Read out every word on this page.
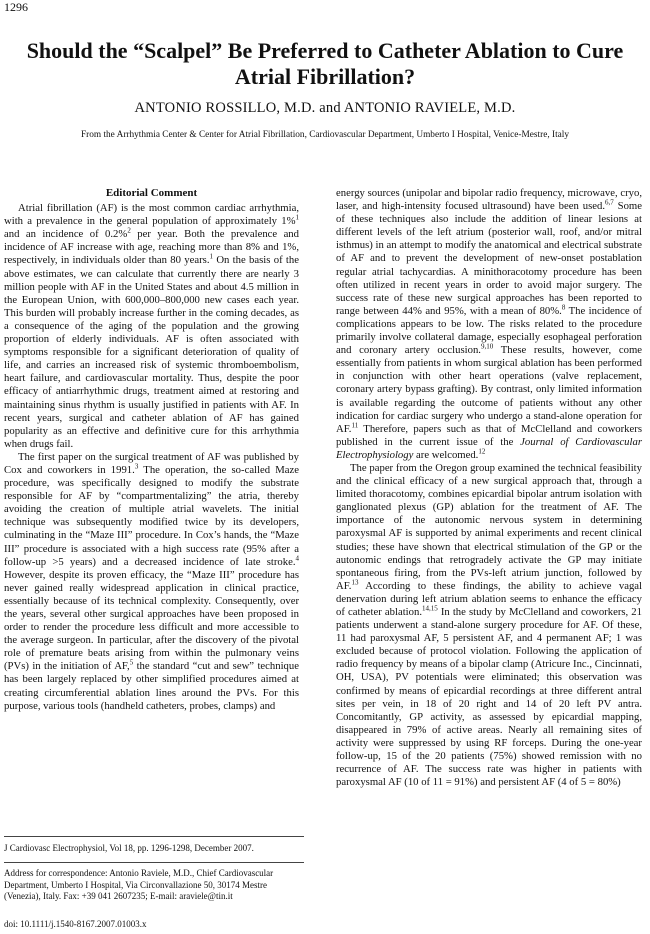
1296
Should the “Scalpel” Be Preferred to Catheter Ablation to Cure Atrial Fibrillation?
ANTONIO ROSSILLO, M.D. and ANTONIO RAVIELE, M.D.
From the Arrhythmia Center & Center for Atrial Fibrillation, Cardiovascular Department, Umberto I Hospital, Venice-Mestre, Italy
Editorial Comment

Atrial fibrillation (AF) is the most common cardiac arrhythmia, with a prevalence in the general population of approximately 1%$^1$ and an incidence of 0.2%$^2$ per year. Both the prevalence and incidence of AF increase with age, reaching more than 8% and 1%, respectively, in individuals older than 80 years.$^1$ On the basis of the above estimates, we can calculate that currently there are nearly 3 million people with AF in the United States and about 4.5 million in the European Union, with 600,000–800,000 new cases each year. This burden will probably increase further in the coming decades, as a consequence of the aging of the population and the growing proportion of elderly individuals. AF is often associated with symptoms responsible for a significant deterioration of quality of life, and carries an increased risk of systemic thromboembolism, heart failure, and cardiovascular mortality. Thus, despite the poor efficacy of antiarrhythmic drugs, treatment aimed at restoring and maintaining sinus rhythm is usually justified in patients with AF. In recent years, surgical and catheter ablation of AF has gained popularity as an effective and definitive cure for this arrhythmia when drugs fail.

The first paper on the surgical treatment of AF was published by Cox and coworkers in 1991.$^3$ The operation, the so-called Maze procedure, was specifically designed to modify the substrate responsible for AF by “compartmentalizing” the atria, thereby avoiding the creation of multiple atrial wavelets. The initial technique was subsequently modified twice by its developers, culminating in the “Maze III” procedure. In Cox’s hands, the “Maze III” procedure is associated with a high success rate (95% after a follow-up >5 years) and a decreased incidence of late stroke.$^4$ However, despite its proven efficacy, the “Maze III” procedure has never gained really widespread application in clinical practice, essentially because of its technical complexity. Consequently, over the years, several other surgical approaches have been proposed in order to render the procedure less difficult and more accessible to the average surgeon. In particular, after the discovery of the pivotal role of premature beats arising from within the pulmonary veins (PVs) in the initiation of AF,$^5$ the standard “cut and sew” technique has been largely replaced by other simplified procedures aimed at creating circumferential ablation lines around the PVs. For this purpose, various tools (handheld catheters, probes, clamps) and

energy sources (unipolar and bipolar radio frequency, microwave, cryo, laser, and high-intensity focused ultrasound) have been used.$^{6,7}$ Some of these techniques also include the addition of linear lesions at different levels of the left atrium (posterior wall, roof, and/or mitral isthmus) in an attempt to modify the anatomical and electrical substrate of AF and to prevent the development of new-onset postablation regular atrial tachycardias. A minithoracotomy procedure has been often utilized in recent years in order to avoid major surgery. The success rate of these new surgical approaches has been reported to range between 44% and 95%, with a mean of 80%.$^8$ The incidence of complications appears to be low. The risks related to the procedure primarily involve collateral damage, especially esophageal perforation and coronary artery occlusion.$^{9,10}$ These results, however, come essentially from patients in whom surgical ablation has been performed in conjunction with other heart operations (valve replacement, coronary artery bypass grafting). By contrast, only limited information is available regarding the outcome of patients without any other indication for cardiac surgery who undergo a stand-alone operation for AF.$^{11}$ Therefore, papers such as that of McClelland and coworkers published in the current issue of the Journal of Cardiovascular Electrophysiology are welcomed.$^{12}$

The paper from the Oregon group examined the technical feasibility and the clinical efficacy of a new surgical approach that, through a limited thoracotomy, combines epicardial bipolar antrum isolation with ganglionated plexus (GP) ablation for the treatment of AF. The importance of the autonomic nervous system in determining paroxysmal AF is supported by animal experiments and recent clinical studies; these have shown that electrical stimulation of the GP or the autonomic endings that retrogradely activate the GP may initiate spontaneous firing, from the PVs-left atrium junction, followed by AF.$^{13}$ According to these findings, the ability to achieve vagal denervation during left atrium ablation seems to enhance the efficacy of catheter ablation.$^{14,15}$ In the study by McClelland and coworkers, 21 patients underwent a stand-alone surgery procedure for AF. Of these, 11 had paroxysmal AF, 5 persistent AF, and 4 permanent AF; 1 was excluded because of protocol violation. Following the application of radio frequency by means of a bipolar clamp (Atricure Inc., Cincinnati, OH, USA), PV potentials were eliminated; this observation was confirmed by means of epicardial recordings at three different antral sites per vein, in 18 of 20 right and 14 of 20 left PV antra. Concomitantly, GP activity, as assessed by epicardial mapping, disappeared in 79% of active areas. Nearly all remaining sites of activity were suppressed by using RF forceps. During the one-year follow-up, 15 of the 20 patients (75%) showed remission with no recurrence of AF. The success rate was higher in patients with paroxysmal AF (10 of 11 = 91%) and persistent AF (4 of 5 = 80%)

J Cardiovasc Electrophysiol, Vol 18, pp. 1296-1298, December 2007.
Address for correspondence: Antonio Raviele, M.D., Chief Cardiovascular Department, Umberto I Hospital, Via Circonvallazione 50, 30174 Mestre (Venezia), Italy. Fax: +39 041 2607235; E-mail: araviele@tin.it
doi: 10.1111/j.1540-8167.2007.01003.x
